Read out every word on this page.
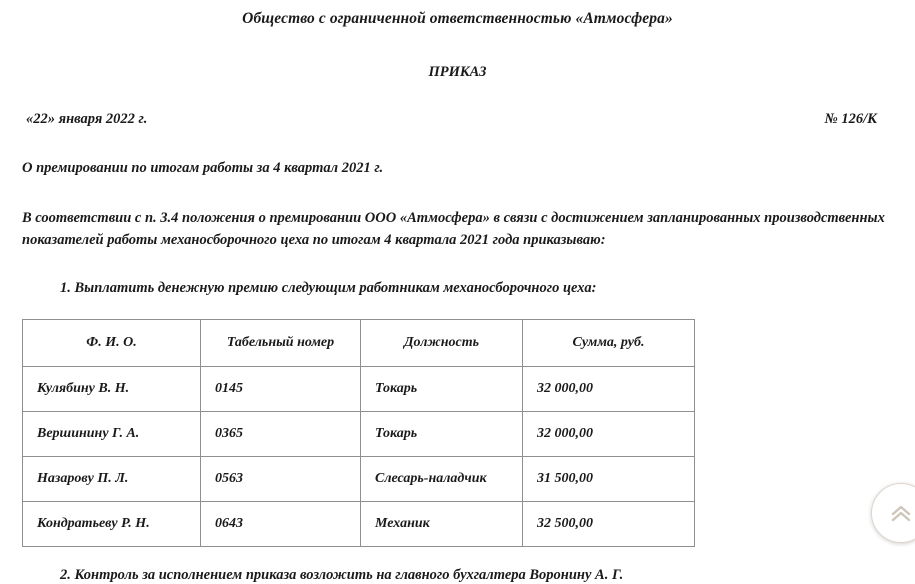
Общество с ограниченной ответственностью «Атмосфера»
ПРИКАЗ
«22» января 2022 г.	№ 126/К
О премировании по итогам работы за 4 квартал 2021 г.
В соответствии с п. 3.4 положения о премировании ООО «Атмосфера» в связи с достижением запланированных производственных показателей работы механосборочного цеха по итогам 4 квартала 2021 года приказываю:
1. Выплатить денежную премию следующим работникам механосборочного цеха:
Ф. И. О.	Табельный номер	Должность	Сумма, руб.
Кулябину В. Н.	0145	Токарь	32 000,00
Вершинину Г. А.	0365	Токарь	32 000,00
Назарову П. Л.	0563	Слесарь-наладчик	31 500,00
Кондратьеву Р. Н.	0643	Механик	32 500,00
2. Контроль за исполнением приказа возложить на главного бухгалтера Воронину А. Г.
